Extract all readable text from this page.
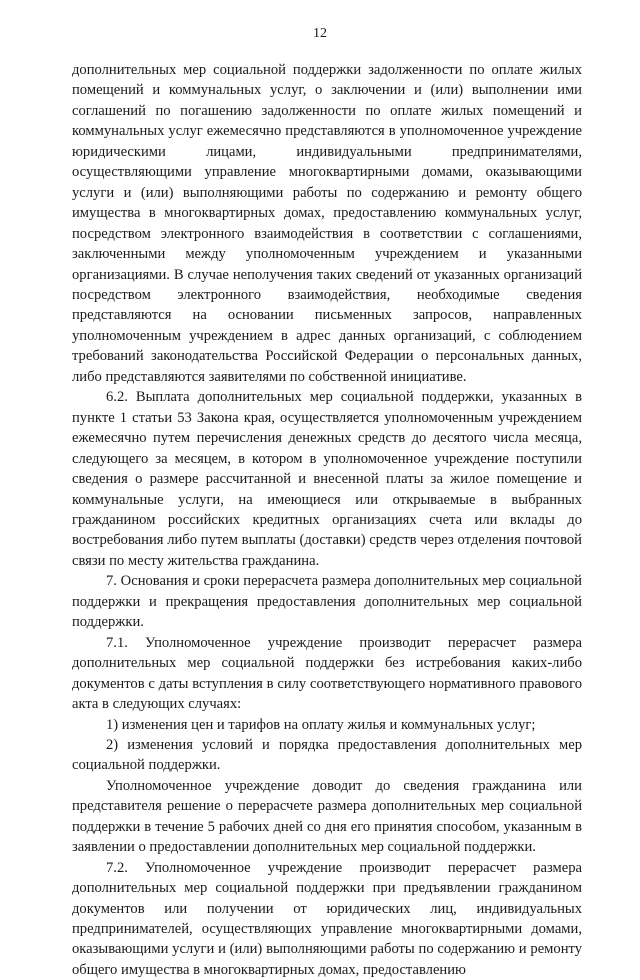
12

дополнительных мер социальной поддержки задолженности по оплате жилых помещений и коммунальных услуг, о заключении и (или) выполнении ими соглашений по погашению задолженности по оплате жилых помещений и коммунальных услуг ежемесячно представляются в уполномоченное учреждение юридическими лицами, индивидуальными предпринимателями, осуществляющими управление многоквартирными домами, оказывающими услуги и (или) выполняющими работы по содержанию и ремонту общего имущества в многоквартирных домах, предоставлению коммунальных услуг, посредством электронного взаимодействия в соответствии с соглашениями, заключенными между уполномоченным учреждением и указанными организациями. В случае неполучения таких сведений от указанных организаций посредством электронного взаимодействия, необходимые сведения представляются на основании письменных запросов, направленных уполномоченным учреждением в адрес данных организаций, с соблюдением требований законодательства Российской Федерации о персональных данных, либо представляются заявителями по собственной инициативе.

6.2. Выплата дополнительных мер социальной поддержки, указанных в пункте 1 статьи 53 Закона края, осуществляется уполномоченным учреждением ежемесячно путем перечисления денежных средств до десятого числа месяца, следующего за месяцем, в котором в уполномоченное учреждение поступили сведения о размере рассчитанной и внесенной платы за жилое помещение и коммунальные услуги, на имеющиеся или открываемые в выбранных гражданином российских кредитных организациях счета или вклады до востребования либо путем выплаты (доставки) средств через отделения почтовой связи по месту жительства гражданина.

7. Основания и сроки перерасчета размера дополнительных мер социальной поддержки и прекращения предоставления дополнительных мер социальной поддержки.

7.1. Уполномоченное учреждение производит перерасчет размера дополнительных мер социальной поддержки без истребования каких-либо документов с даты вступления в силу соответствующего нормативного правового акта в следующих случаях:

1) изменения цен и тарифов на оплату жилья и коммунальных услуг;

2) изменения условий и порядка предоставления дополнительных мер социальной поддержки.

Уполномоченное учреждение доводит до сведения гражданина или представителя решение о перерасчете размера дополнительных мер социальной поддержки в течение 5 рабочих дней со дня его принятия способом, указанным в заявлении о предоставлении дополнительных мер социальной поддержки.

7.2. Уполномоченное учреждение производит перерасчет размера дополнительных мер социальной поддержки при предъявлении гражданином документов или получении от юридических лиц, индивидуальных предпринимателей, осуществляющих управление многоквартирными домами, оказывающими услуги и (или) выполняющими работы по содержанию и ремонту общего имущества в многоквартирных домах, предоставлению
